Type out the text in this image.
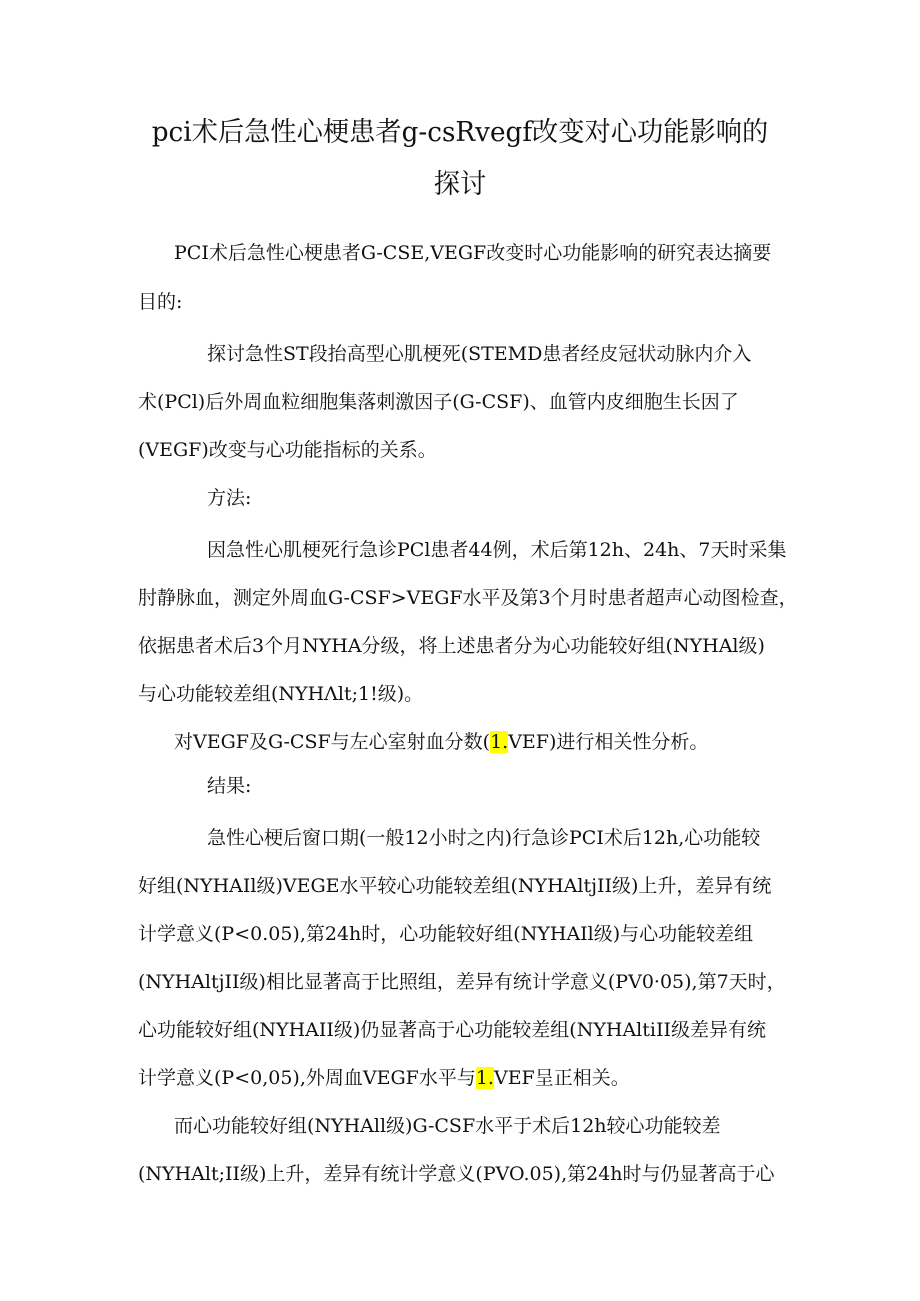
pci术后急性心梗患者g-csRvegf改变对心功能影响的
探讨
PCI术后急性心梗患者G-CSE,VEGF改变时心功能影响的研究表达摘要
目的:
探讨急性ST段抬高型心肌梗死(STEMD患者经皮冠状动脉内介入
术(PCl)后外周血粒细胞集落刺激因子(G-CSF)、血管内皮细胞生长因了
(VEGF)改变与心功能指标的关系。
方法:
因急性心肌梗死行急诊PCl患者44例，术后第12h、24h、7天时采集
肘静脉血，测定外周血G-CSF>VEGF水平及第3个月时患者超声心动图检查，
依据患者术后3个月NYHA分级，将上述患者分为心功能较好组(NYHAl级)
与心功能较差组(NYHΛlt;1!级)。
对VEGF及G-CSF与左心室射血分数(1.VEF)进行相关性分析。
结果:
急性心梗后窗口期(一般12小时之内)行急诊PCI术后12h,心功能较
好组(NYHAIl级)VEGE水平较心功能较差组(NYHAltjII级)上升，差异有统
计学意义(P<0.05),第24h时，心功能较好组(NYHAIl级)与心功能较差组
(NYHAltjII级)相比显著高于比照组，差异有统计学意义(PV0·05),第7天时，
心功能较好组(NYHAII级)仍显著高于心功能较差组(NYHAltiII级差异有统
计学意义(P<0,05),外周血VEGF水平与1.VEF呈正相关。
而心功能较好组(NYHAll级)G-CSF水平于术后12h较心功能较差
(NYHAlt;II级)上升，差异有统计学意义(PVO.05),第24h时与仍显著高于心
